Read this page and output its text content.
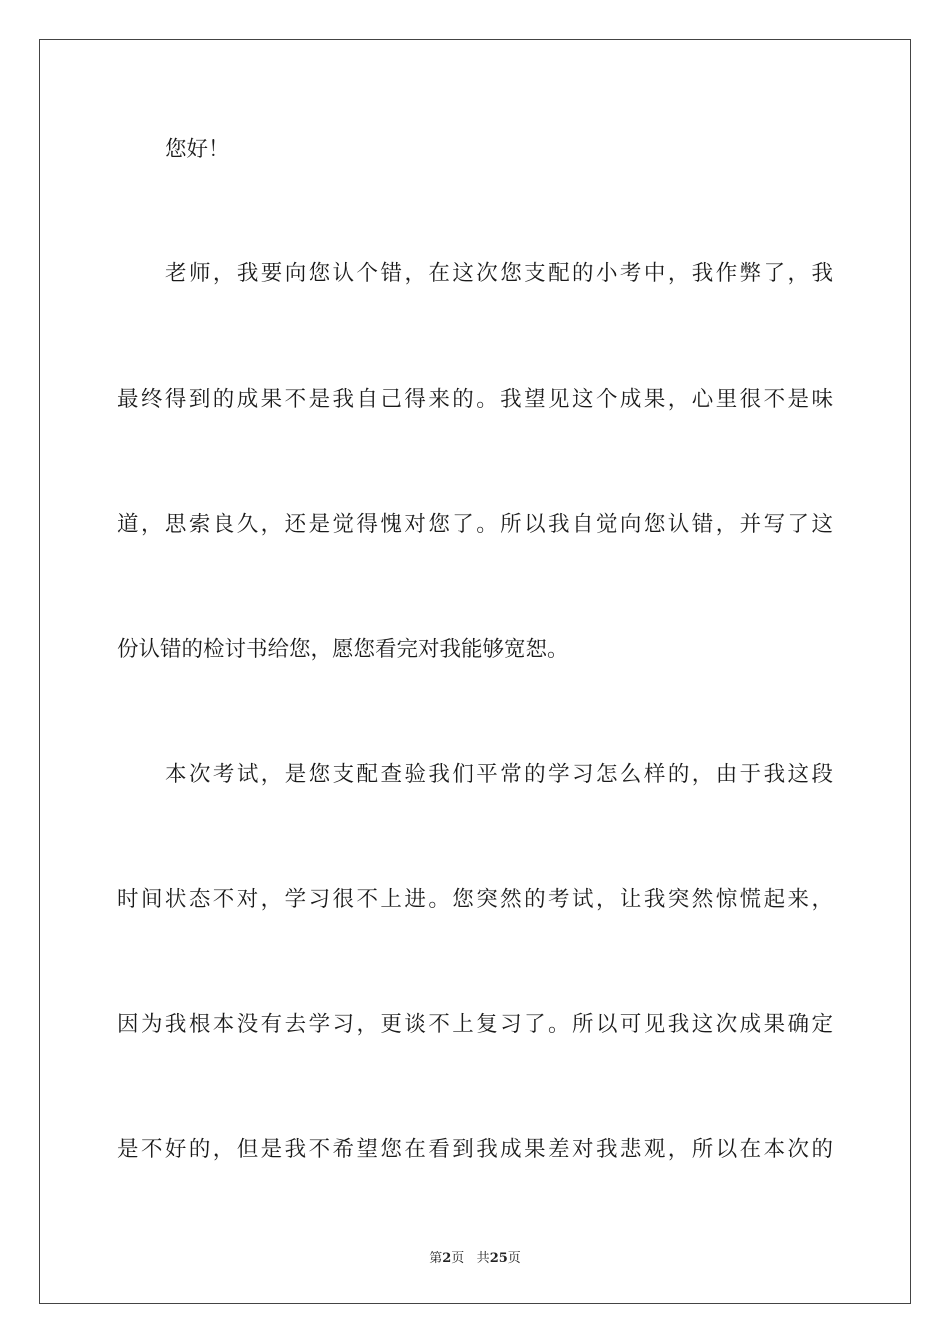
您好！
老师，我要向您认个错，在这次您支配的小考中，我作弊了，我
最终得到的成果不是我自己得来的。我望见这个成果，心里很不是味
道，思索良久，还是觉得愧对您了。所以我自觉向您认错，并写了这
份认错的检讨书给您，愿您看完对我能够宽恕。
本次考试，是您支配查验我们平常的学习怎么样的，由于我这段
时间状态不对，学习很不上进。您突然的考试，让我突然惊慌起来，
因为我根本没有去学习，更谈不上复习了。所以可见我这次成果确定
是不好的，但是我不希望您在看到我成果差对我悲观，所以在本次的
第2页 共25页
